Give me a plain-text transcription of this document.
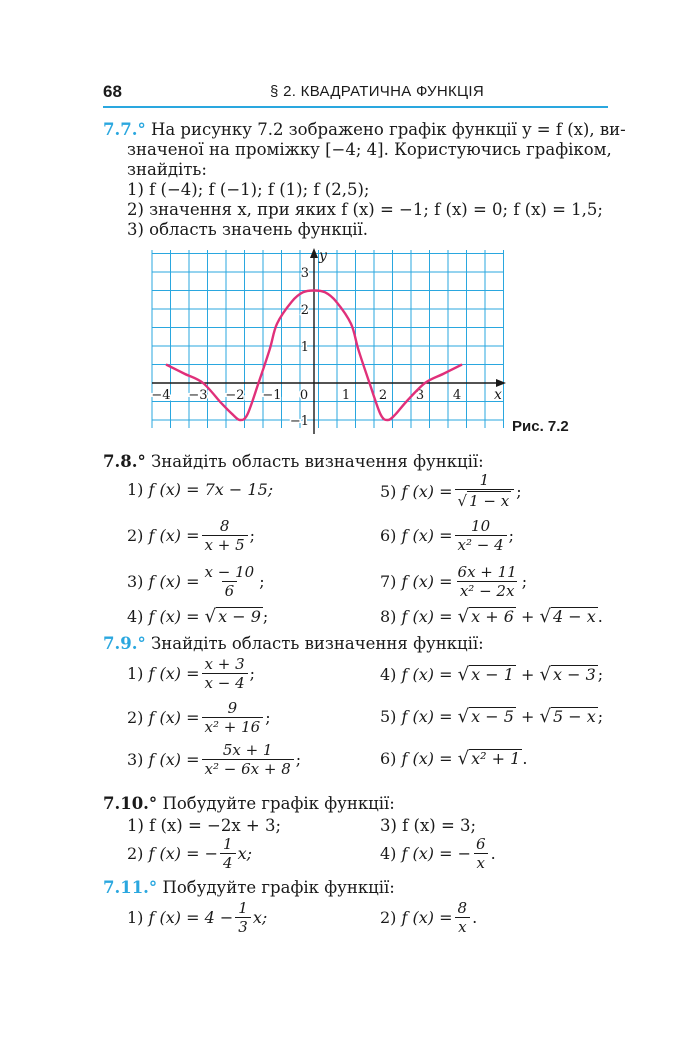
68	§ 2. КВАДРАТИЧНА ФУНКЦІЯ
7.7.° На рисунку 7.2 зображено графік функції y = f (x), ви-
значеної на проміжку [−4; 4]. Користуючись графіком,
знайдіть:
1) f (−4); f (−1); f (1); f (2,5);
2) значення x, при яких f (x) = −1; f (x) = 0; f (x) = 1,5;
3) область значень функції.
x
y
−4 −3 −2 −1 0	1 2 3 4
−1
1
2
3
Рис. 7.2
7.8.° Знайдіть область визначення функції:
1)
f (x) = 7x − 15;
2)
f $(x) = \frac{8}{x + 5}$ ;
3)
f $(x) = \frac{x - 10}{6}$ ;
4)
f (x) =
√ x − 9 ;
5)
f $(x) = \frac{1}{√ 1 - x}$ ;
6)
f $(x) = \frac{10}{\text{x² − 4}}$ ;
7)
f $(x) = \frac{6x + 11}{\text{x² − 2x}}$ ;
8)
f (x) =
√ x + 6
+
√ 4 − x .
7.9.° Знайдіть область визначення функції:
1)
f $(x) = \frac{x + 3}{x - 4}$ ;
2)
f $(x) = \frac{9}{\text{x² + 16}}$ ;
3)
f $(x) = \frac{5x + 1}{\text{x² − 6x + 8}}$ ;
4)
f (x) =
√ x − 1
+
√ x − 3 ;
5)
f (x) =
√ x − 5
+
√ 5 − x ;
6)
f (x) =
√ x² + 1 .
7.10.° Побудуйте графік функції:
1) f (x) = −2x + 3;	3) f (x) = 3;
2)
f (x) = − $\frac{1}{4} x$;	4)
f (x) = − $\frac{6}{x}$ .
7.11.° Побудуйте графік функції:
1)
f $(x) = 4 - \frac{1}{3} x$;	2)
f $(x) = \frac{8}{x}$ .
